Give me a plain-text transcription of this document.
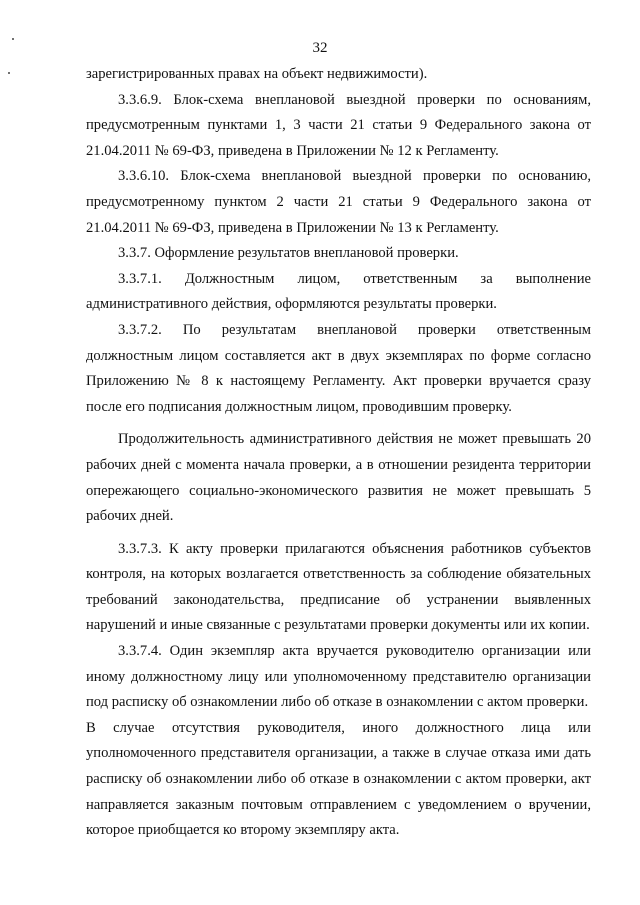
32

зарегистрированных правах на объект недвижимости).

3.3.6.9. Блок-схема внеплановой выездной проверки по основаниям, предусмотренным пунктами 1, 3 части 21 статьи 9 Федерального закона от 21.04.2011 № 69-ФЗ, приведена в Приложении № 12 к Регламенту.

3.3.6.10. Блок-схема внеплановой выездной проверки по основанию, предусмотренному пунктом 2 части 21 статьи 9 Федерального закона от 21.04.2011 № 69-ФЗ, приведена в Приложении № 13 к Регламенту.

3.3.7. Оформление результатов внеплановой проверки.

3.3.7.1. Должностным лицом, ответственным за выполнение административного действия, оформляются результаты проверки.

3.3.7.2. По результатам внеплановой проверки ответственным должностным лицом составляется акт в двух экземплярах по форме согласно Приложению № 8 к настоящему Регламенту. Акт проверки вручается сразу после его подписания должностным лицом, проводившим проверку.

Продолжительность административного действия не может превышать 20 рабочих дней с момента начала проверки, а в отношении резидента территории опережающего социально-экономического развития не может превышать 5 рабочих дней.

3.3.7.3. К акту проверки прилагаются объяснения работников субъектов контроля, на которых возлагается ответственность за соблюдение обязательных требований законодательства, предписание об устранении выявленных нарушений и иные связанные с результатами проверки документы или их копии.

3.3.7.4. Один экземпляр акта вручается руководителю организации или иному должностному лицу или уполномоченному представителю организации под расписку об ознакомлении либо об отказе в ознакомлении с актом проверки.

В случае отсутствия руководителя, иного должностного лица или уполномоченного представителя организации, а также в случае отказа ими дать расписку об ознакомлении либо об отказе в ознакомлении с актом проверки, акт направляется заказным почтовым отправлением с уведомлением о вручении, которое приобщается ко второму экземпляру акта.
